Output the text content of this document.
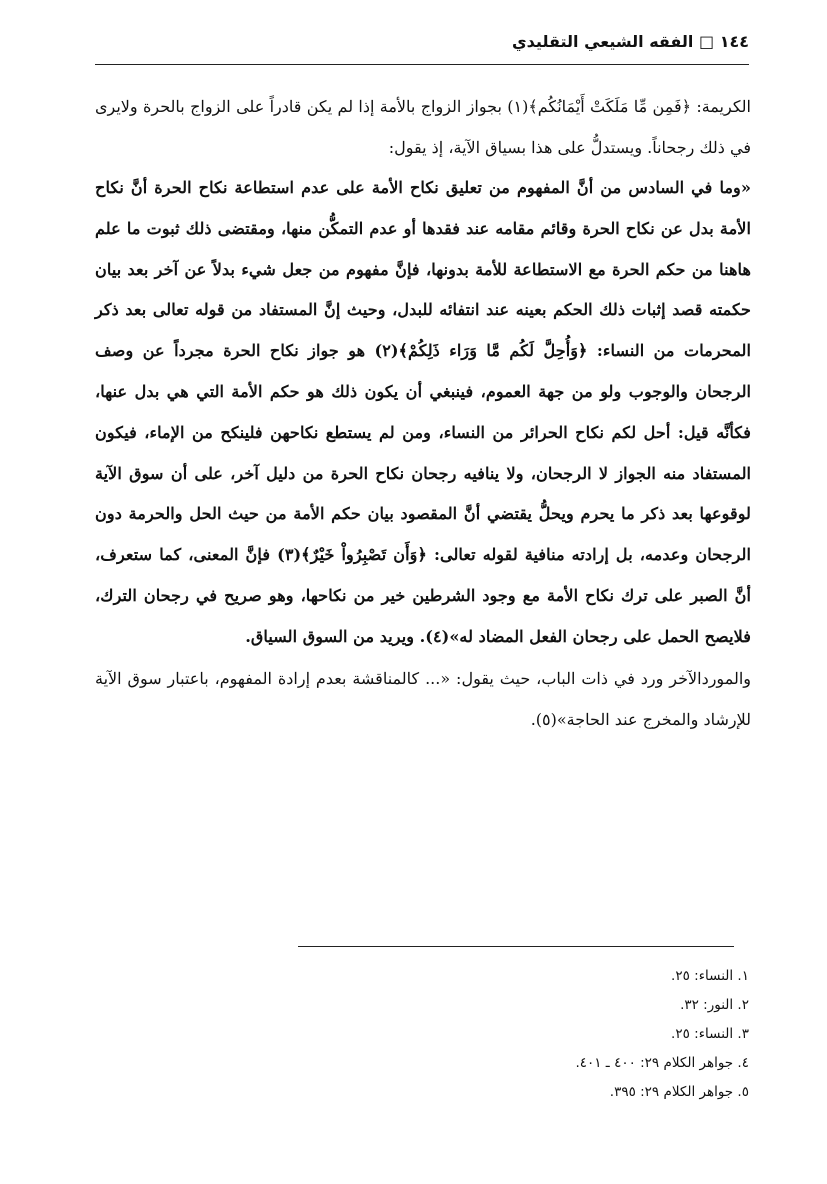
١٤٤ □ الفقه الشيعي التقليدي

الكريمة: ﴿فَمِن مِّا مَلَكَتْ أَيْمَانُكُم﴾(١) بجواز الزواج بالأمة إذا لم يكن قادراً على الزواج بالحرة ولايرى في ذلك رجحاناً. ويستدلُّ على هذا بسياق الآية، إذ يقول:

«وما في السادس من أنَّ المفهوم من تعليق نكاح الأمة على عدم استطاعة نكاح الحرة أنَّ نكاح الأمة بدل عن نكاح الحرة وقائم مقامه عند فقدها أو عدم التمكُّن منها، ومقتضى ذلك ثبوت ما علم هاهنا من حكم الحرة مع الاستطاعة للأمة بدونها، فإنَّ مفهوم من جعل شيء بدلاً عن آخر بعد بيان حكمته قصد إثبات ذلك الحكم بعينه عند انتفائه للبدل، وحيث إنَّ المستفاد من قوله تعالى بعد ذكر المحرمات من النساء: ﴿وَأُحِلَّ لَكُم مَّا وَرَاء ذَلِكُمْ﴾(٢) هو جواز نكاح الحرة مجرداً عن وصف الرجحان والوجوب ولو من جهة العموم، فينبغي أن يكون ذلك هو حكم الأمة التي هي بدل عنها، فكأنَّه قيل: أحل لكم نكاح الحرائر من النساء، ومن لم يستطع نكاحهن فلينكح من الإماء، فيكون المستفاد منه الجواز لا الرجحان، ولا ينافيه رجحان نكاح الحرة من دليل آخر، على أن سوق الآية لوقوعها بعد ذكر ما يحرم ويحلُّ يقتضي أنَّ المقصود بيان حكم الأمة من حيث الحل والحرمة دون الرجحان وعدمه، بل إرادته منافية لقوله تعالى: ﴿وَأَن تَصْبِرُواْ خَيْرٌ﴾(٣) فإنَّ المعنى، كما ستعرف، أنَّ الصبر على ترك نكاح الأمة مع وجود الشرطين خير من نكاحها، وهو صريح في رجحان الترك، فلايصح الحمل على رجحان الفعل المضاد له»(٤). ويريد من السوق السياق.

والموردالآخر ورد في ذات الباب، حيث يقول: «... كالمناقشة بعدم إرادة المفهوم، باعتبار سوق الآية للإرشاد والمخرج عند الحاجة»(٥).

١. النساء: ٢٥.
٢. النور: ٣٢.
٣. النساء: ٢٥.
٤. جواهر الكلام ٢٩: ٤٠٠ ـ ٤٠١.
٥. جواهر الكلام ٢٩: ٣٩٥.
